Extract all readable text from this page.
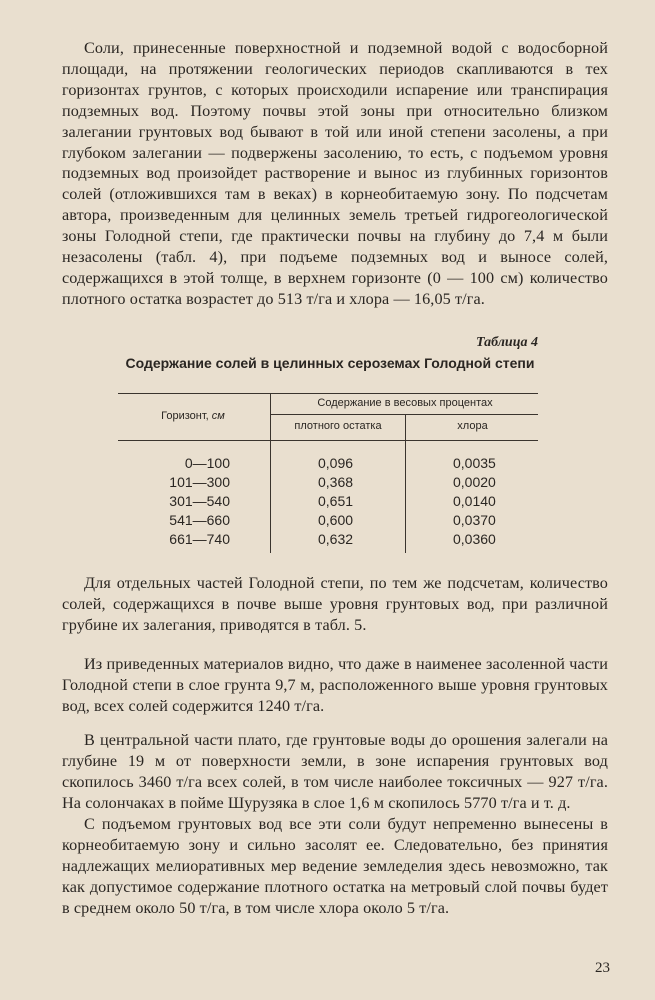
Соли, принесенные поверхностной и подземной водой с водосборной площади, на протяжении геологических периодов скапливаются в тех горизонтах грунтов, с которых происходили испарение или транспирация подземных вод. Поэтому почвы этой зоны при относительно близком залегании грунтовых вод бывают в той или иной степени засолены, а при глубоком залегании — подвержены засолению, то есть, с подъемом уровня подземных вод произойдет растворение и вынос из глубинных горизонтов солей (отложившихся там в веках) в корнеобитаемую зону. По подсчетам автора, произведенным для целинных земель третьей гидрогеологической зоны Голодной степи, где практически почвы на глубину до 7,4 м были незасолены (табл. 4), при подъеме подземных вод и выносе солей, содержащихся в этой толще, в верхнем горизонте (0 — 100 см) количество плотного остатка возрастет до 513 т/га и хлора — 16,05 т/га.

Таблица 4
Содержание солей в целинных сероземах Голодной степи
Горизонт, см
Содержание в весовых процентах
плотного остатка	хлора
0—100	0,096	0,0035
101—300	0,368	0,0020
301—540	0,651	0,0140
541—660	0,600	0,0370
661—740	0,632	0,0360

Для отдельных частей Голодной степи, по тем же подсчетам, количество солей, содержащихся в почве выше уровня грунтовых вод, при различной грубине их залегания, приводятся в табл. 5.

Из приведенных материалов видно, что даже в наименее засоленной части Голодной степи в слое грунта 9,7 м, расположенного выше уровня грунтовых вод, всех солей содержится 1240 т/га.

В центральной части плато, где грунтовые воды до орошения залегали на глубине 19 м от поверхности земли, в зоне испарения грунтовых вод скопилось 3460 т/га всех солей, в том числе наиболее токсичных — 927 т/га. На солончаках в пойме Шурузяка в слое 1,6 м скопилось 5770 т/га и т. д.

С подъемом грунтовых вод все эти соли будут непременно вынесены в корнеобитаемую зону и сильно засолят ее. Следовательно, без принятия надлежащих мелиоративных мер ведение земледелия здесь невозможно, так как допустимое содержание плотного остатка на метровый слой почвы будет в среднем около 50 т/га, в том числе хлора около 5 т/га.

23
